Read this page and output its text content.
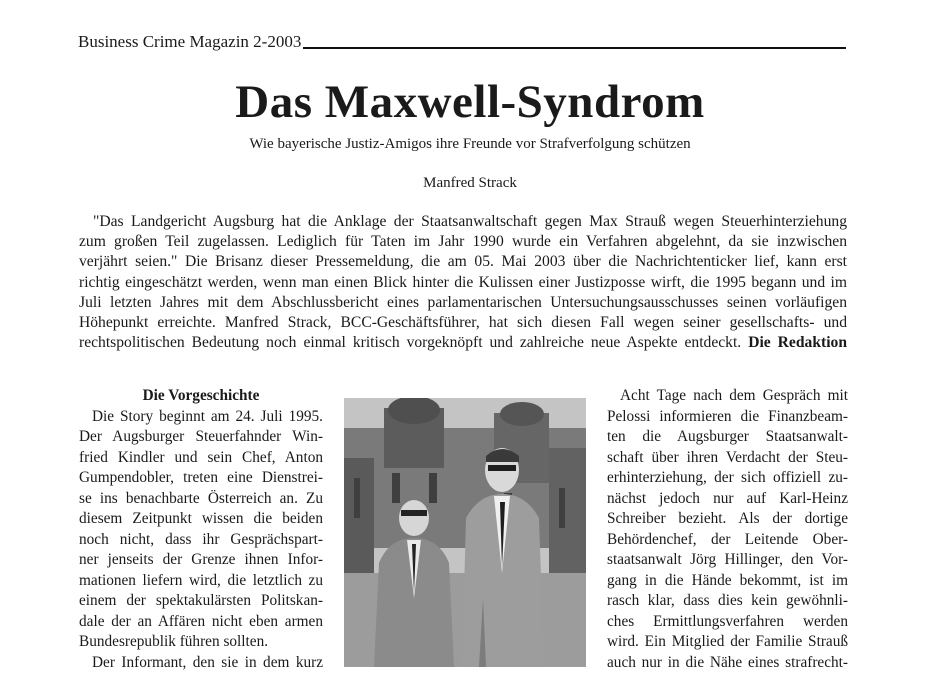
Business Crime Magazin 2-2003
Das Maxwell-Syndrom
Wie bayerische Justiz-Amigos ihre Freunde vor Strafverfolgung schützen
Manfred Strack
"Das Landgericht Augsburg hat die Anklage der Staatsanwaltschaft gegen Max Strauß wegen Steuerhinterziehung
zum großen Teil zugelassen. Lediglich für Taten im Jahr 1990 wurde ein Verfahren abgelehnt, da sie inzwischen
verjährt seien." Die Brisanz dieser Pressemeldung, die am 05. Mai 2003 über die Nachrichtenticker lief, kann erst
richtig eingeschätzt werden, wenn man einen Blick hinter die Kulissen einer Justizposse wirft, die 1995 begann und im
Juli letzten Jahres mit dem Abschlussbericht eines parlamentarischen Untersuchungsausschusses seinen vorläufigen
Höhepunkt erreichte. Manfred Strack, BCC-Geschäftsführer, hat sich diesen Fall wegen seiner gesellschafts- und
rechtspolitischen Bedeutung noch einmal kritisch vorgeknöpft und zahlreiche neue Aspekte entdeckt. Die Redaktion
Die Vorgeschichte
Die Story beginnt am 24. Juli 1995.
Der Augsburger Steuerfahnder Win-
fried Kindler und sein Chef, Anton
Gumpendobler, treten eine Dienstrei-
se ins benachbarte Österreich an. Zu
diesem Zeitpunkt wissen die beiden
noch nicht, dass ihr Gesprächspart-
ner jenseits der Grenze ihnen Infor-
mationen liefern wird, die letztlich zu
einem der spektakulärsten Politskan-
dale der an Affären nicht eben armen
Bundesrepublik führen sollten.
Der Informant, den sie in dem kurz
Acht Tage nach dem Gespräch mit
Pelossi informieren die Finanzbeam-
ten die Augsburger Staatsanwalt-
schaft über ihren Verdacht der Steu-
erhinterziehung, der sich offiziell zu-
nächst jedoch nur auf Karl-Heinz
Schreiber bezieht. Als der dortige
Behördenchef, der Leitende Ober-
staatsanwalt Jörg Hillinger, den Vor-
gang in die Hände bekommt, ist im
rasch klar, dass dies kein gewöhnli-
ches Ermittlungsverfahren werden
wird. Ein Mitglied der Familie Strauß
auch nur in die Nähe eines strafrecht-
